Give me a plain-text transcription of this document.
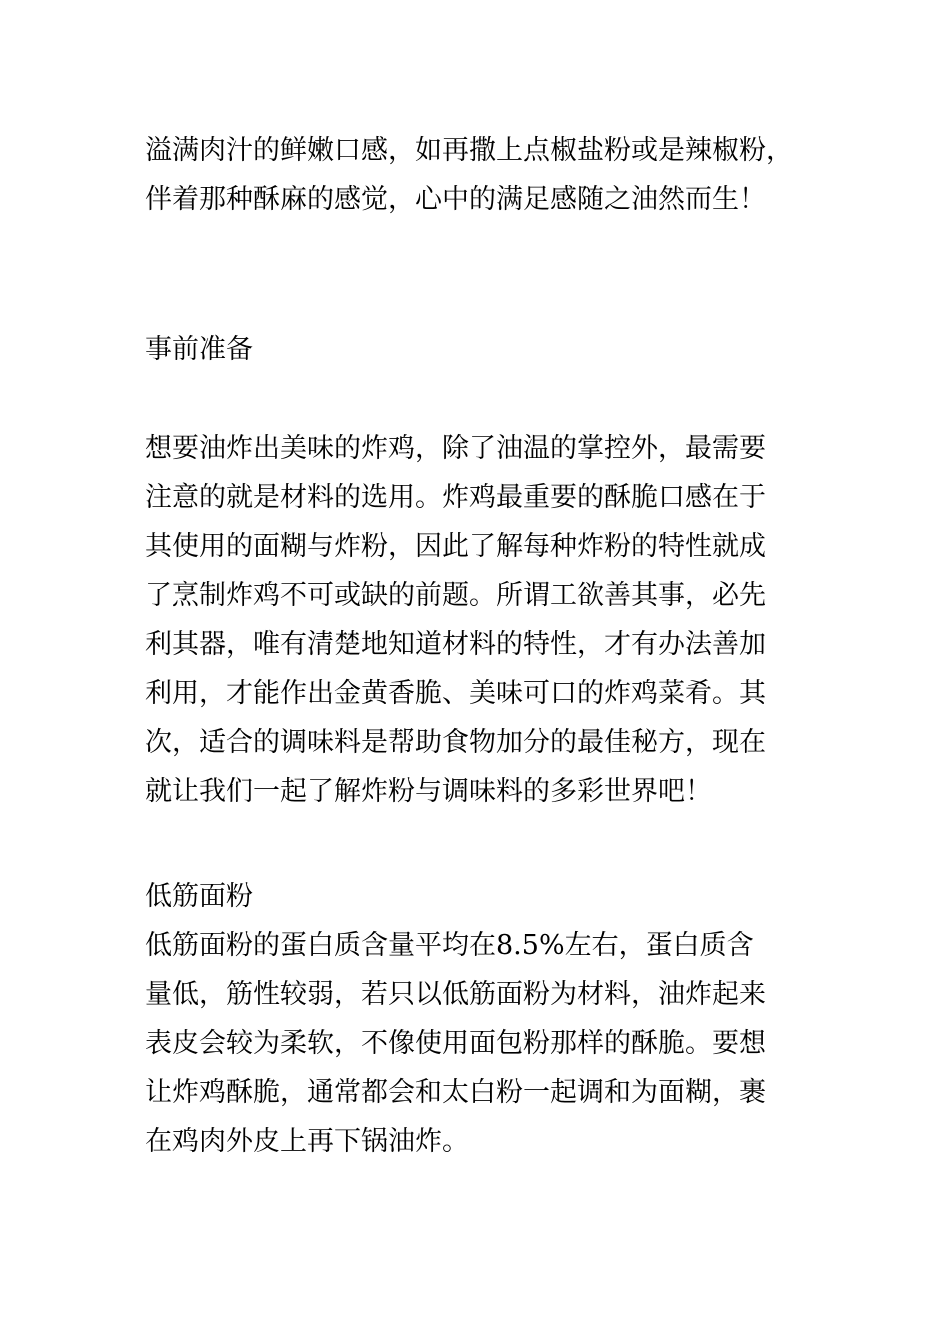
溢满肉汁的鲜嫩口感，如再撒上点椒盐粉或是辣椒粉，
伴着那种酥麻的感觉，心中的满足感随之油然而生！
事前准备
想要油炸出美味的炸鸡，除了油温的掌控外，最需要
注意的就是材料的选用。炸鸡最重要的酥脆口感在于
其使用的面糊与炸粉，因此了解每种炸粉的特性就成
了烹制炸鸡不可或缺的前题。所谓工欲善其事，必先
利其器，唯有清楚地知道材料的特性，才有办法善加
利用，才能作出金黄香脆、美味可口的炸鸡菜肴。其
次，适合的调味料是帮助食物加分的最佳秘方，现在
就让我们一起了解炸粉与调味料的多彩世界吧！
低筋面粉
低筋面粉的蛋白质含量平均在8.5%左右，蛋白质含
量低，筋性较弱，若只以低筋面粉为材料，油炸起来
表皮会较为柔软，不像使用面包粉那样的酥脆。要想
让炸鸡酥脆，通常都会和太白粉一起调和为面糊，裹
在鸡肉外皮上再下锅油炸。
